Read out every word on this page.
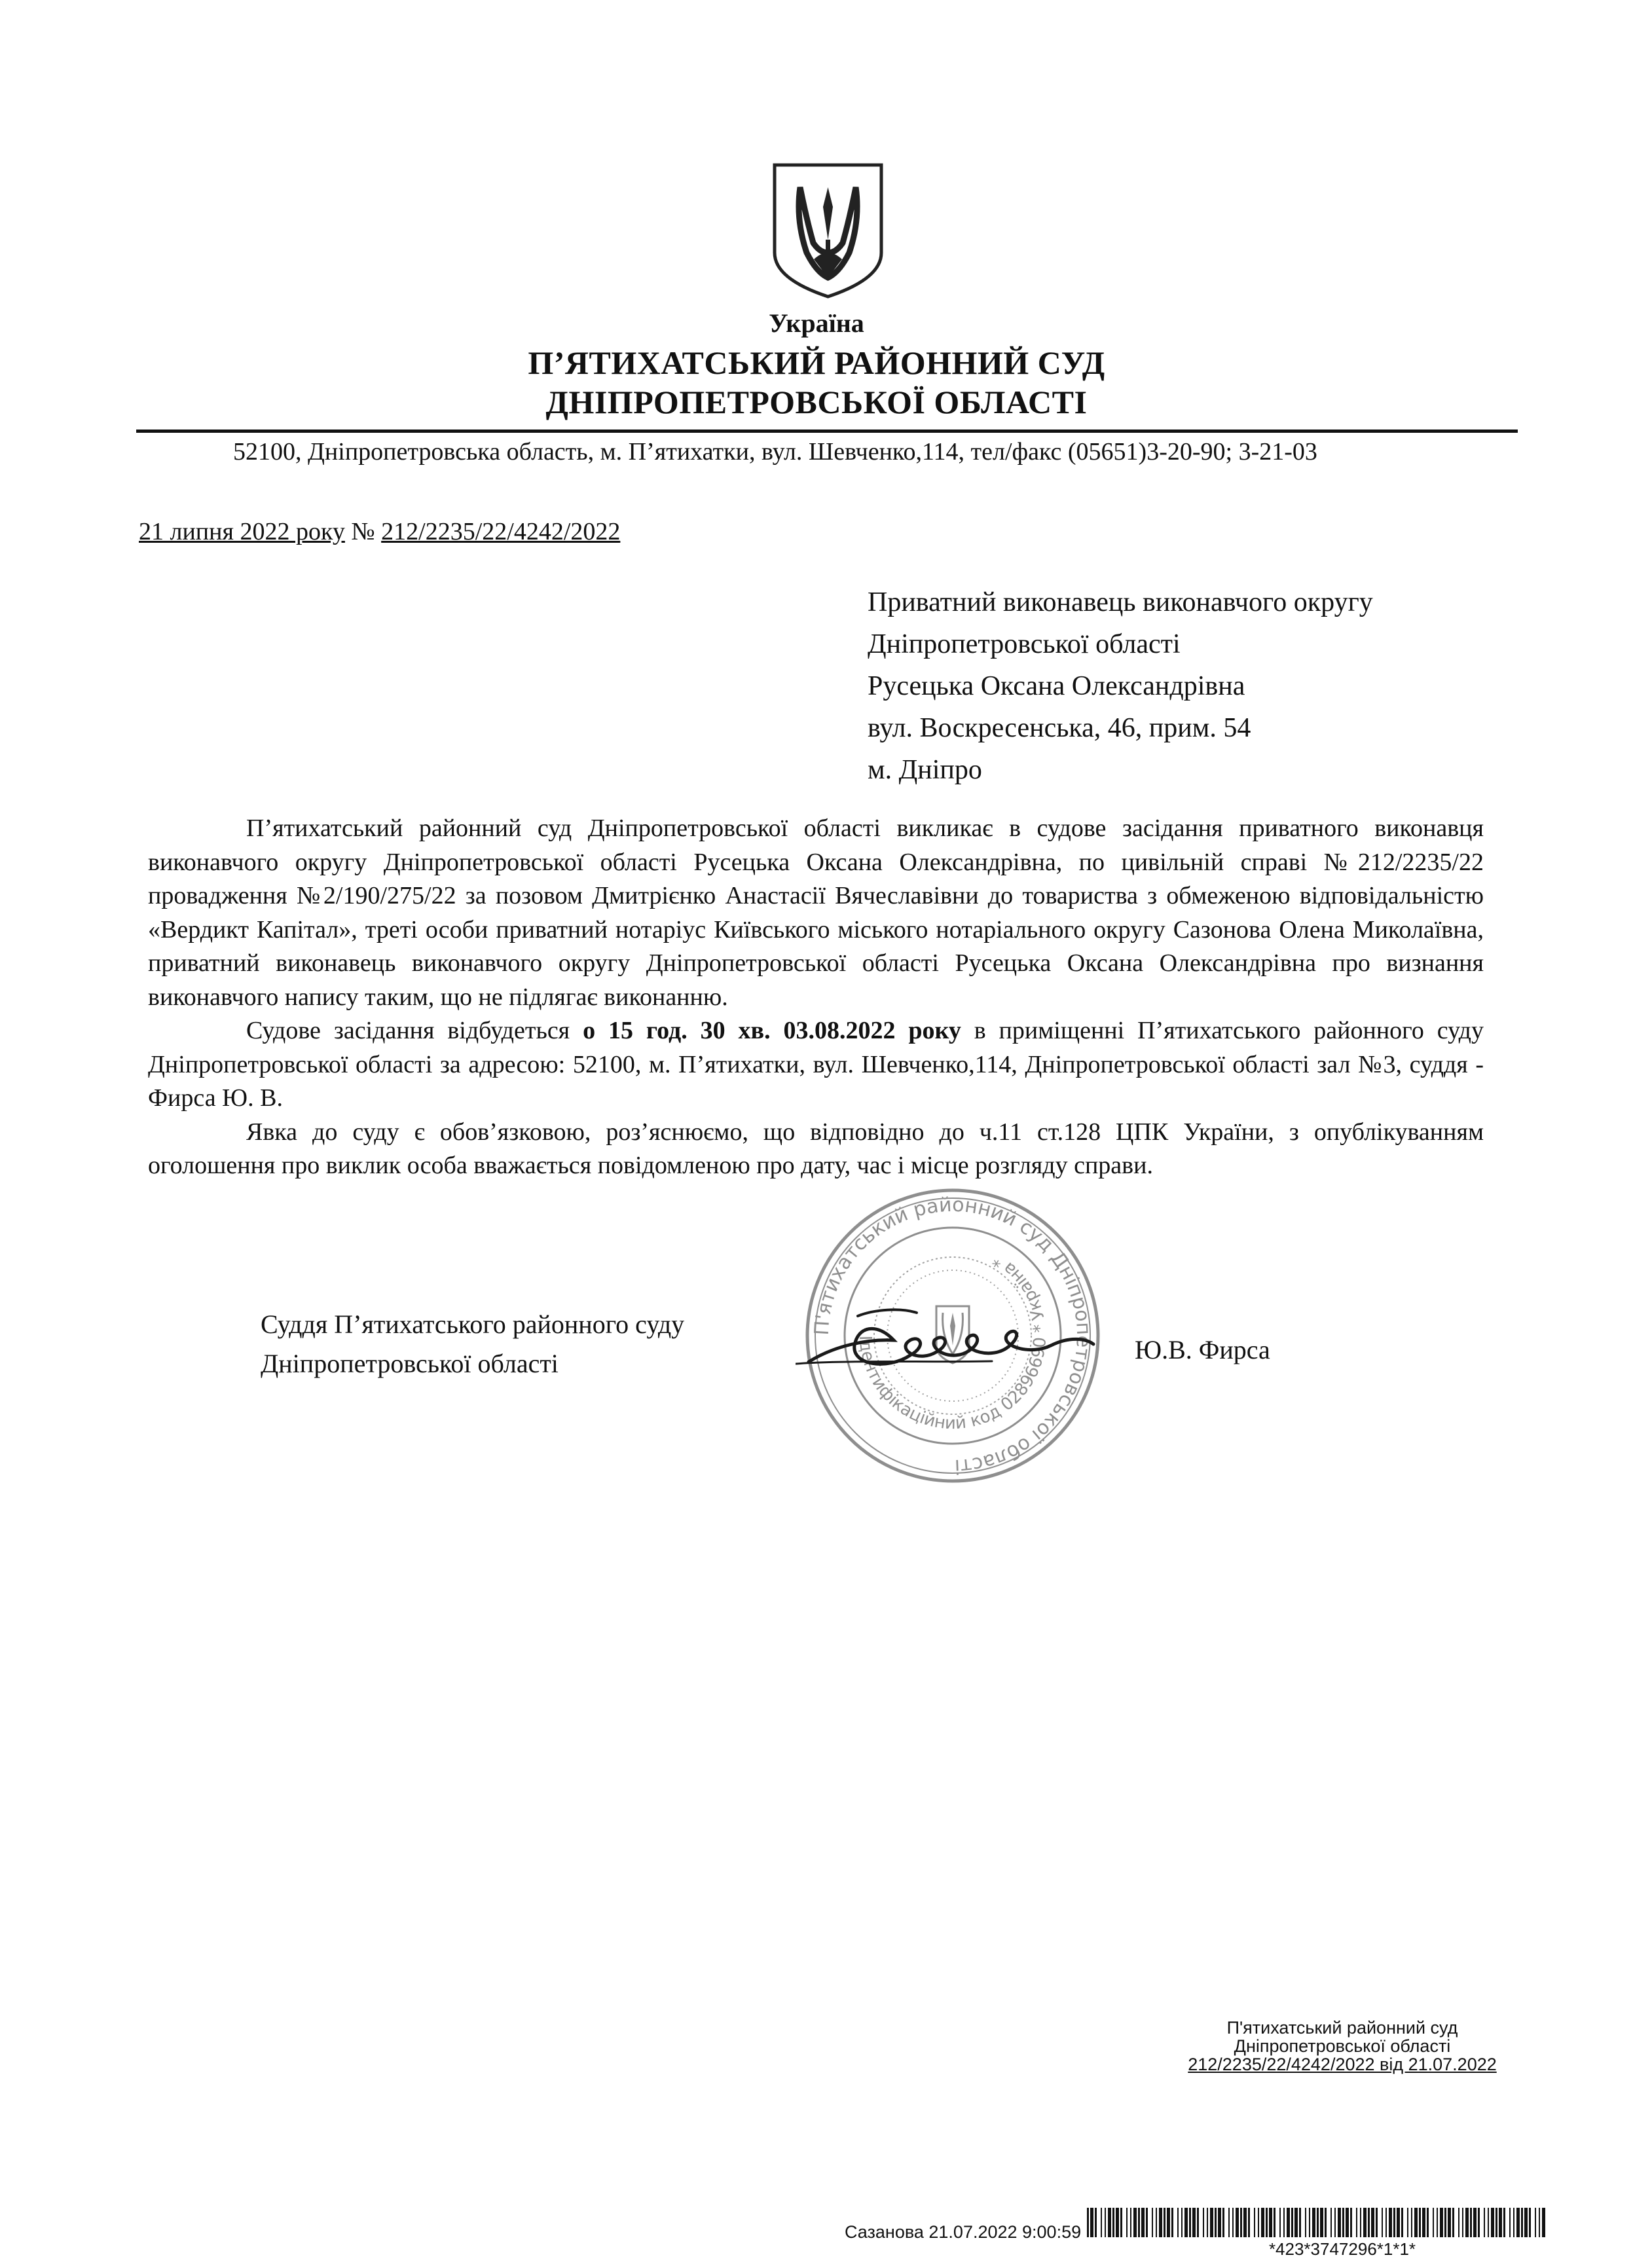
Україна
П’ЯТИХАТСЬКИЙ РАЙОННИЙ СУД
ДНІПРОПЕТРОВСЬКОЇ ОБЛАСТІ
52100, Дніпропетровська область, м. П’ятихатки, вул. Шевченко,114, тел/факс (05651)3-20-90; 3-21-03
21 липня 2022 року № 212/2235/22/4242/2022
Приватний виконавець виконавчого округу
Дніпропетровської області
Русецька Оксана Олександрівна
вул. Воскресенська, 46, прим. 54
м. Дніпро

П’ятихатський районний суд Дніпропетровської області викликає в судове засідання приватного виконавця виконавчого округу Дніпропетровської області Русецька Оксана Олександрівна, по цивільній справі №212/2235/22 провадження №2/190/275/22 за позовом Дмитрієнко Анастасії Вячеславівни до товариства з обмеженою відповідальністю «Вердикт Капітал», треті особи приватний нотаріус Київського міського нотаріального округу Сазонова Олена Миколаївна, приватний виконавець виконавчого округу Дніпропетровської області Русецька Оксана Олександрівна про визнання виконавчого напису таким, що не підлягає виконанню.

Судове засідання відбудеться о 15 год. 30 хв. 03.08.2022 року в приміщенні П’ятихатського районного суду Дніпропетровської області за адресою: 52100, м. П’ятихатки, вул. Шевченко,114, Дніпропетровської області зал №3, суддя - Фирса Ю. В.

Явка до суду є обов’язковою, роз’яснюємо, що відповідно до ч.11 ст.128 ЦПК України, з опублікуванням оголошення про виклик особа вважається повідомленою про дату, час і місце розгляду справи.

П'ятихатський районний суд Дніпропетровської області
Ідентифікаційний код 02896690 * Україна *
Суддя П’ятихатського районного суду
Дніпропетровської області	Ю.В. Фирса
П'ятихатський районний суд
Дніпропетровської області
212/2235/22/4242/2022 від 21.07.2022
Сазанова 21.07.2022 9:00:59
*423*3747296*1*1*
